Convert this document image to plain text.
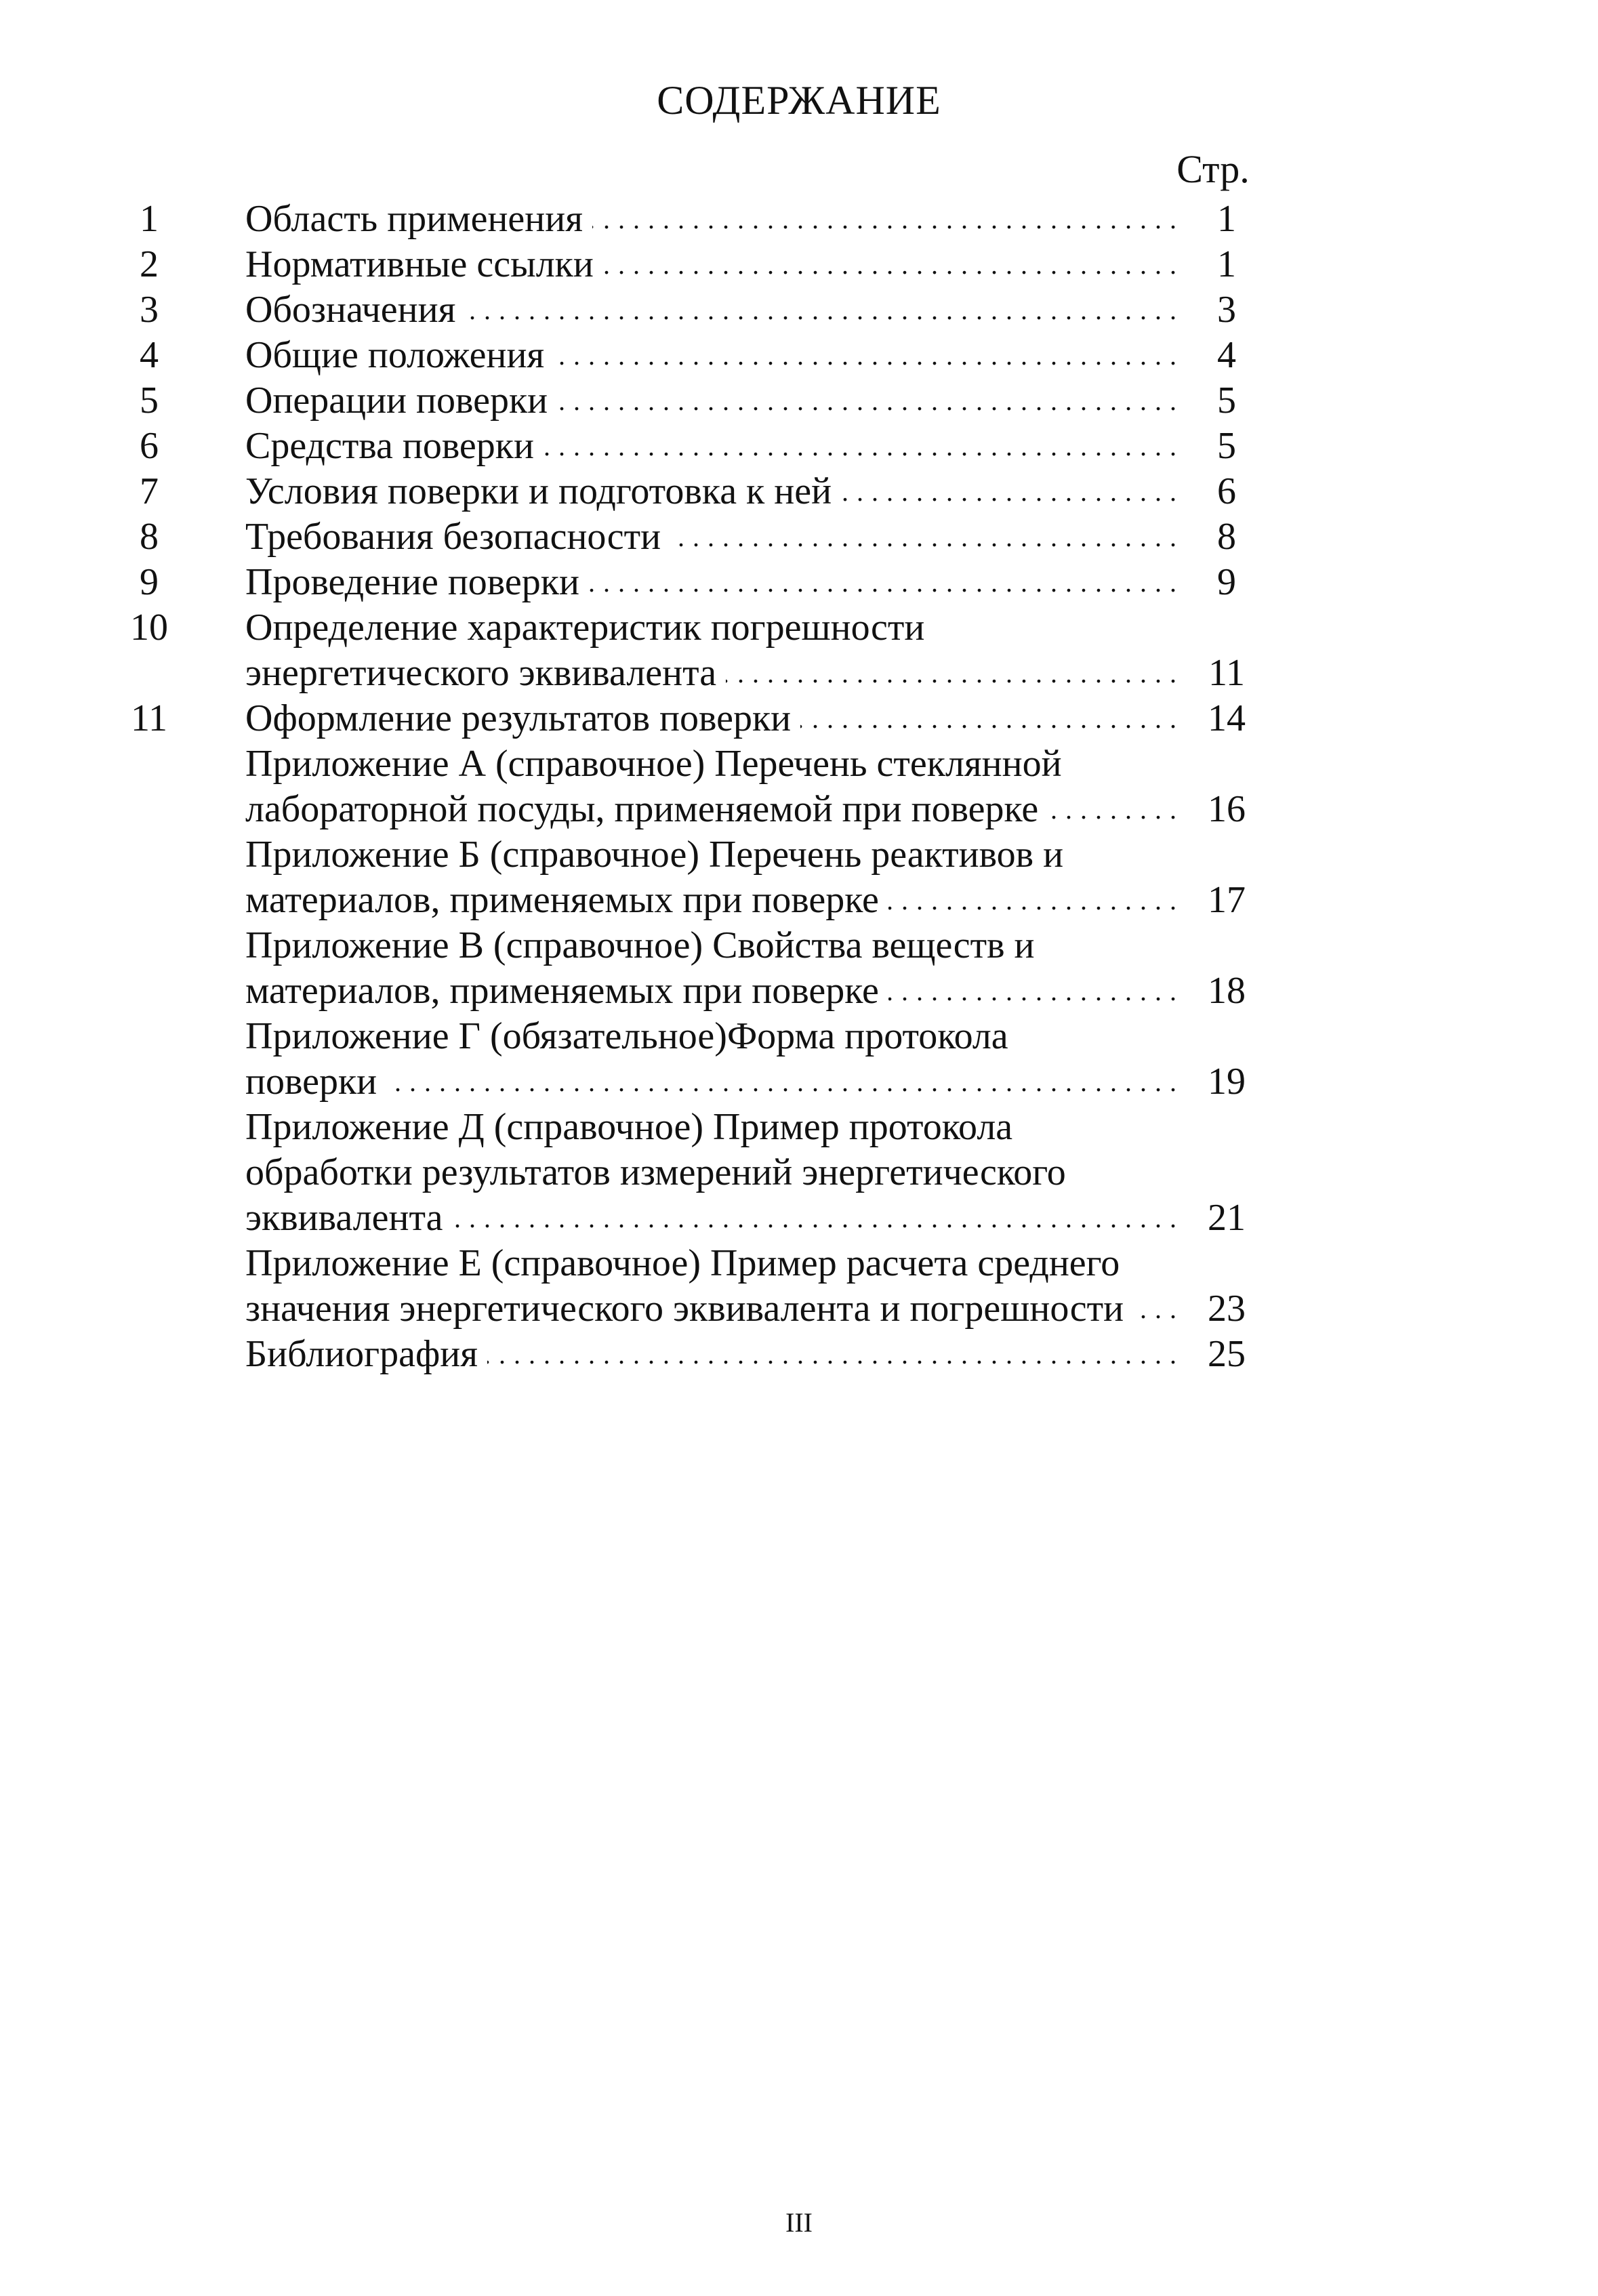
СОДЕРЖАНИЕ
Стр.
1	Область применения . . .	1
2	Нормативные ссылки . . .	1
3	Обозначения . . .	3
4	Общие положения . . .	4
5	Операции поверки . . .	5
6	Средства поверки . . .	5
7	Условия поверки и подготовка к ней . . .	6
8	Требования безопасности . . .	8
9	Проведение поверки . . .	9
10	Определение характеристик погрешности
энергетического эквивалента . . .	11
11	Оформление результатов поверки . . .	14
Приложение А (справочное) Перечень стеклянной
лабораторной посуды, применяемой при поверке . . .	16
Приложение Б (справочное) Перечень реактивов и
материалов, применяемых при поверке . . .	17
Приложение В (справочное) Свойства веществ и
материалов, применяемых при поверке . . .	18
Приложение Г (обязательное)Форма протокола
поверки . . .	19
Приложение Д (справочное) Пример протокола
обработки результатов измерений энергетического
эквивалента . . .	21
Приложение Е (справочное) Пример расчета среднего
значения энергетического эквивалента и погрешности . . .	23
Библиография . . .	25
III
